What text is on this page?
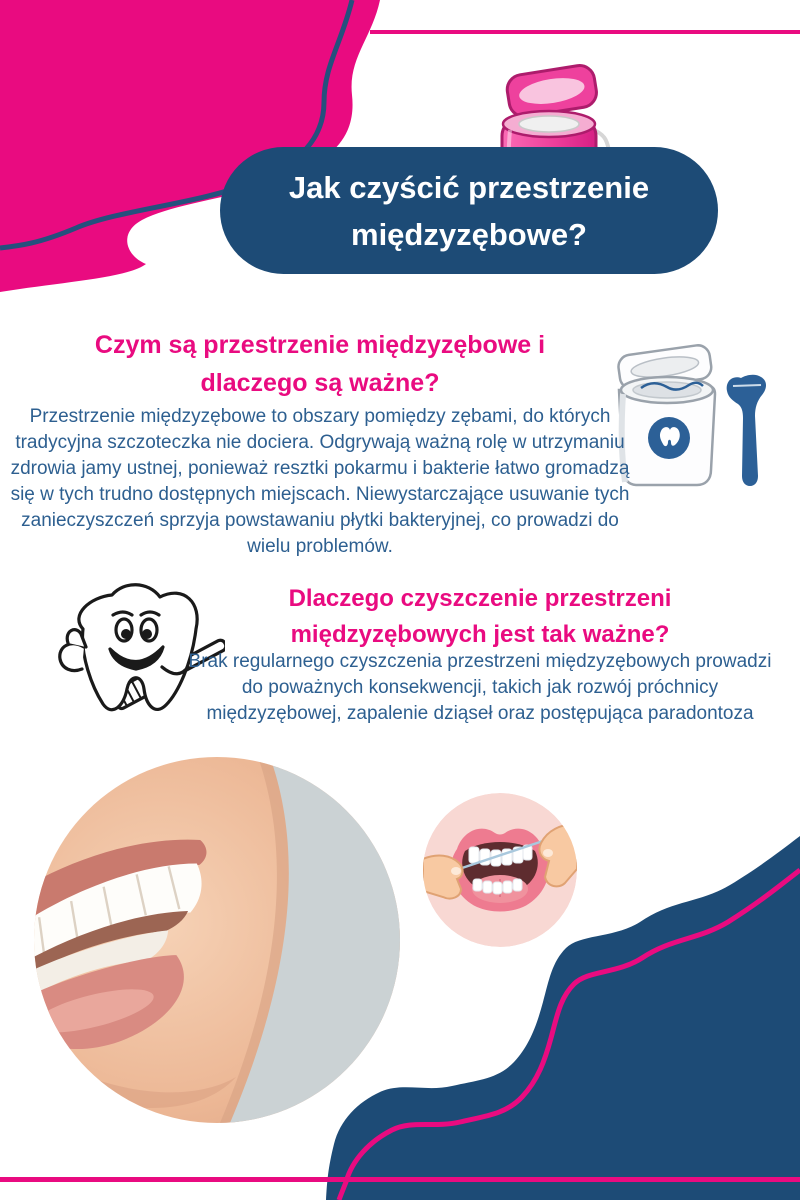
Jak czyścić przestrzenie międzyzębowe?
Czym są przestrzenie międzyzębowe i dlaczego są ważne?

Przestrzenie międzyzębowe to obszary pomiędzy zębami, do których tradycyjna szczoteczka nie dociera. Odgrywają ważną rolę w utrzymaniu zdrowia jamy ustnej, ponieważ resztki pokarmu i bakterie łatwo gromadzą się w tych trudno dostępnych miejscach. Niewystarczające usuwanie tych zanieczyszczeń sprzyja powstawaniu płytki bakteryjnej, co prowadzi do wielu problemów.

Dlaczego czyszczenie przestrzeni międzyzębowych jest tak ważne?

Brak regularnego czyszczenia przestrzeni międzyzębowych prowadzi do poważnych konsekwencji, takich jak rozwój próchnicy międzyzębowej, zapalenie dziąseł oraz postępująca paradontoza
